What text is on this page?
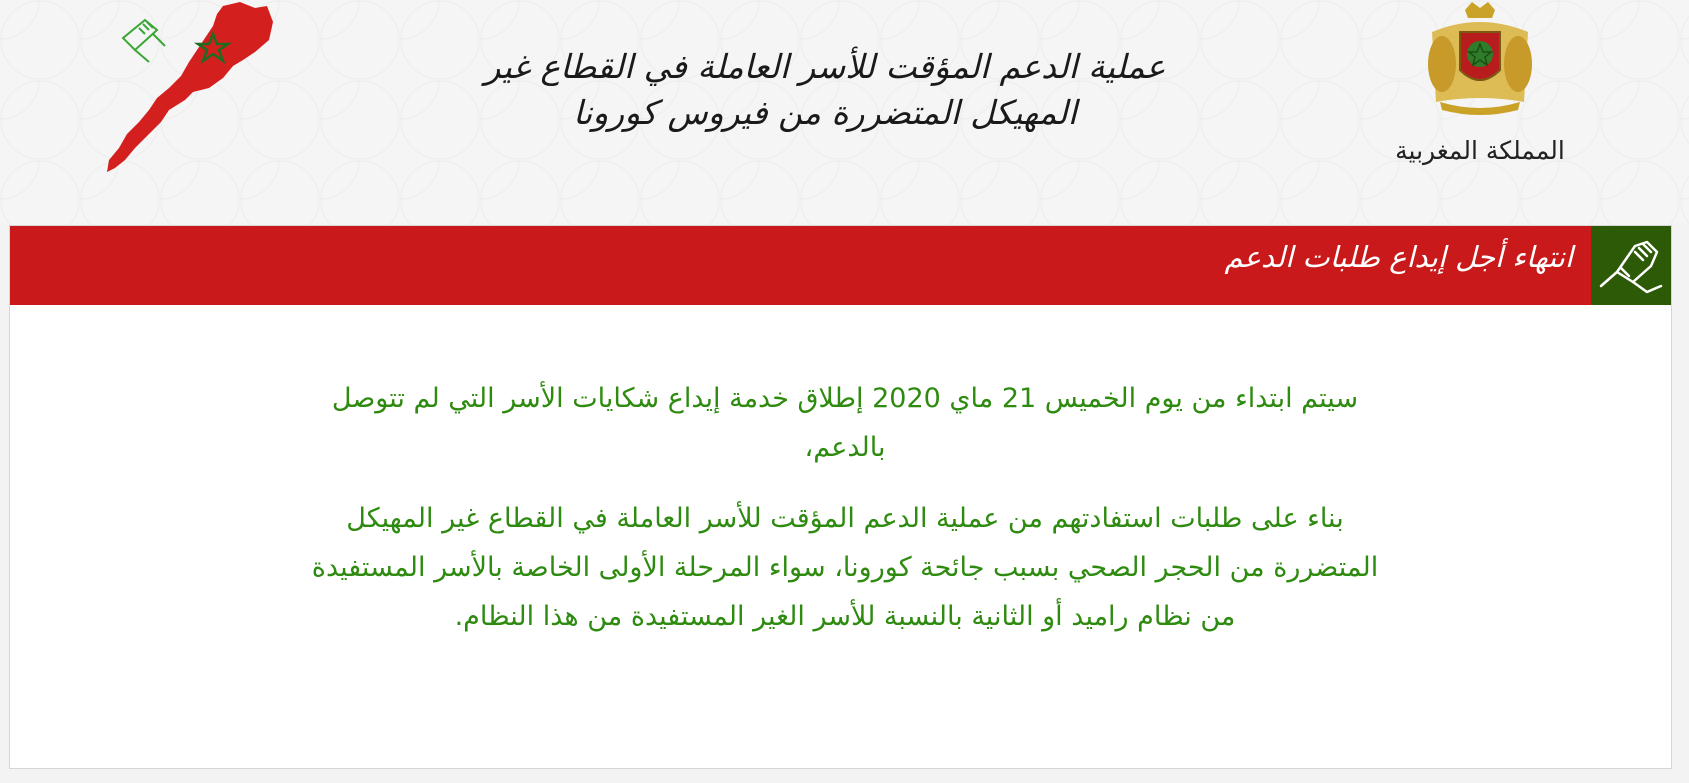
المملكة المغربية
عملية الدعم المؤقت للأسر العاملة في القطاع غير المهيكل المتضررة من فيروس كورونا
انتهاء أجل إيداع طلبات الدعم

سيتم ابتداء من يوم الخميس 21 ماي 2020 إطلاق خدمة إيداع شكايات الأسر التي لم تتوصل بالدعم،

بناء على طلبات استفادتهم من عملية الدعم المؤقت للأسر العاملة في القطاع غير المهيكل المتضررة من الحجر الصحي بسبب جائحة كورونا، سواء المرحلة الأولى الخاصة بالأسر المستفيدة من نظام راميد أو الثانية بالنسبة للأسر الغير المستفيدة من هذا النظام.
